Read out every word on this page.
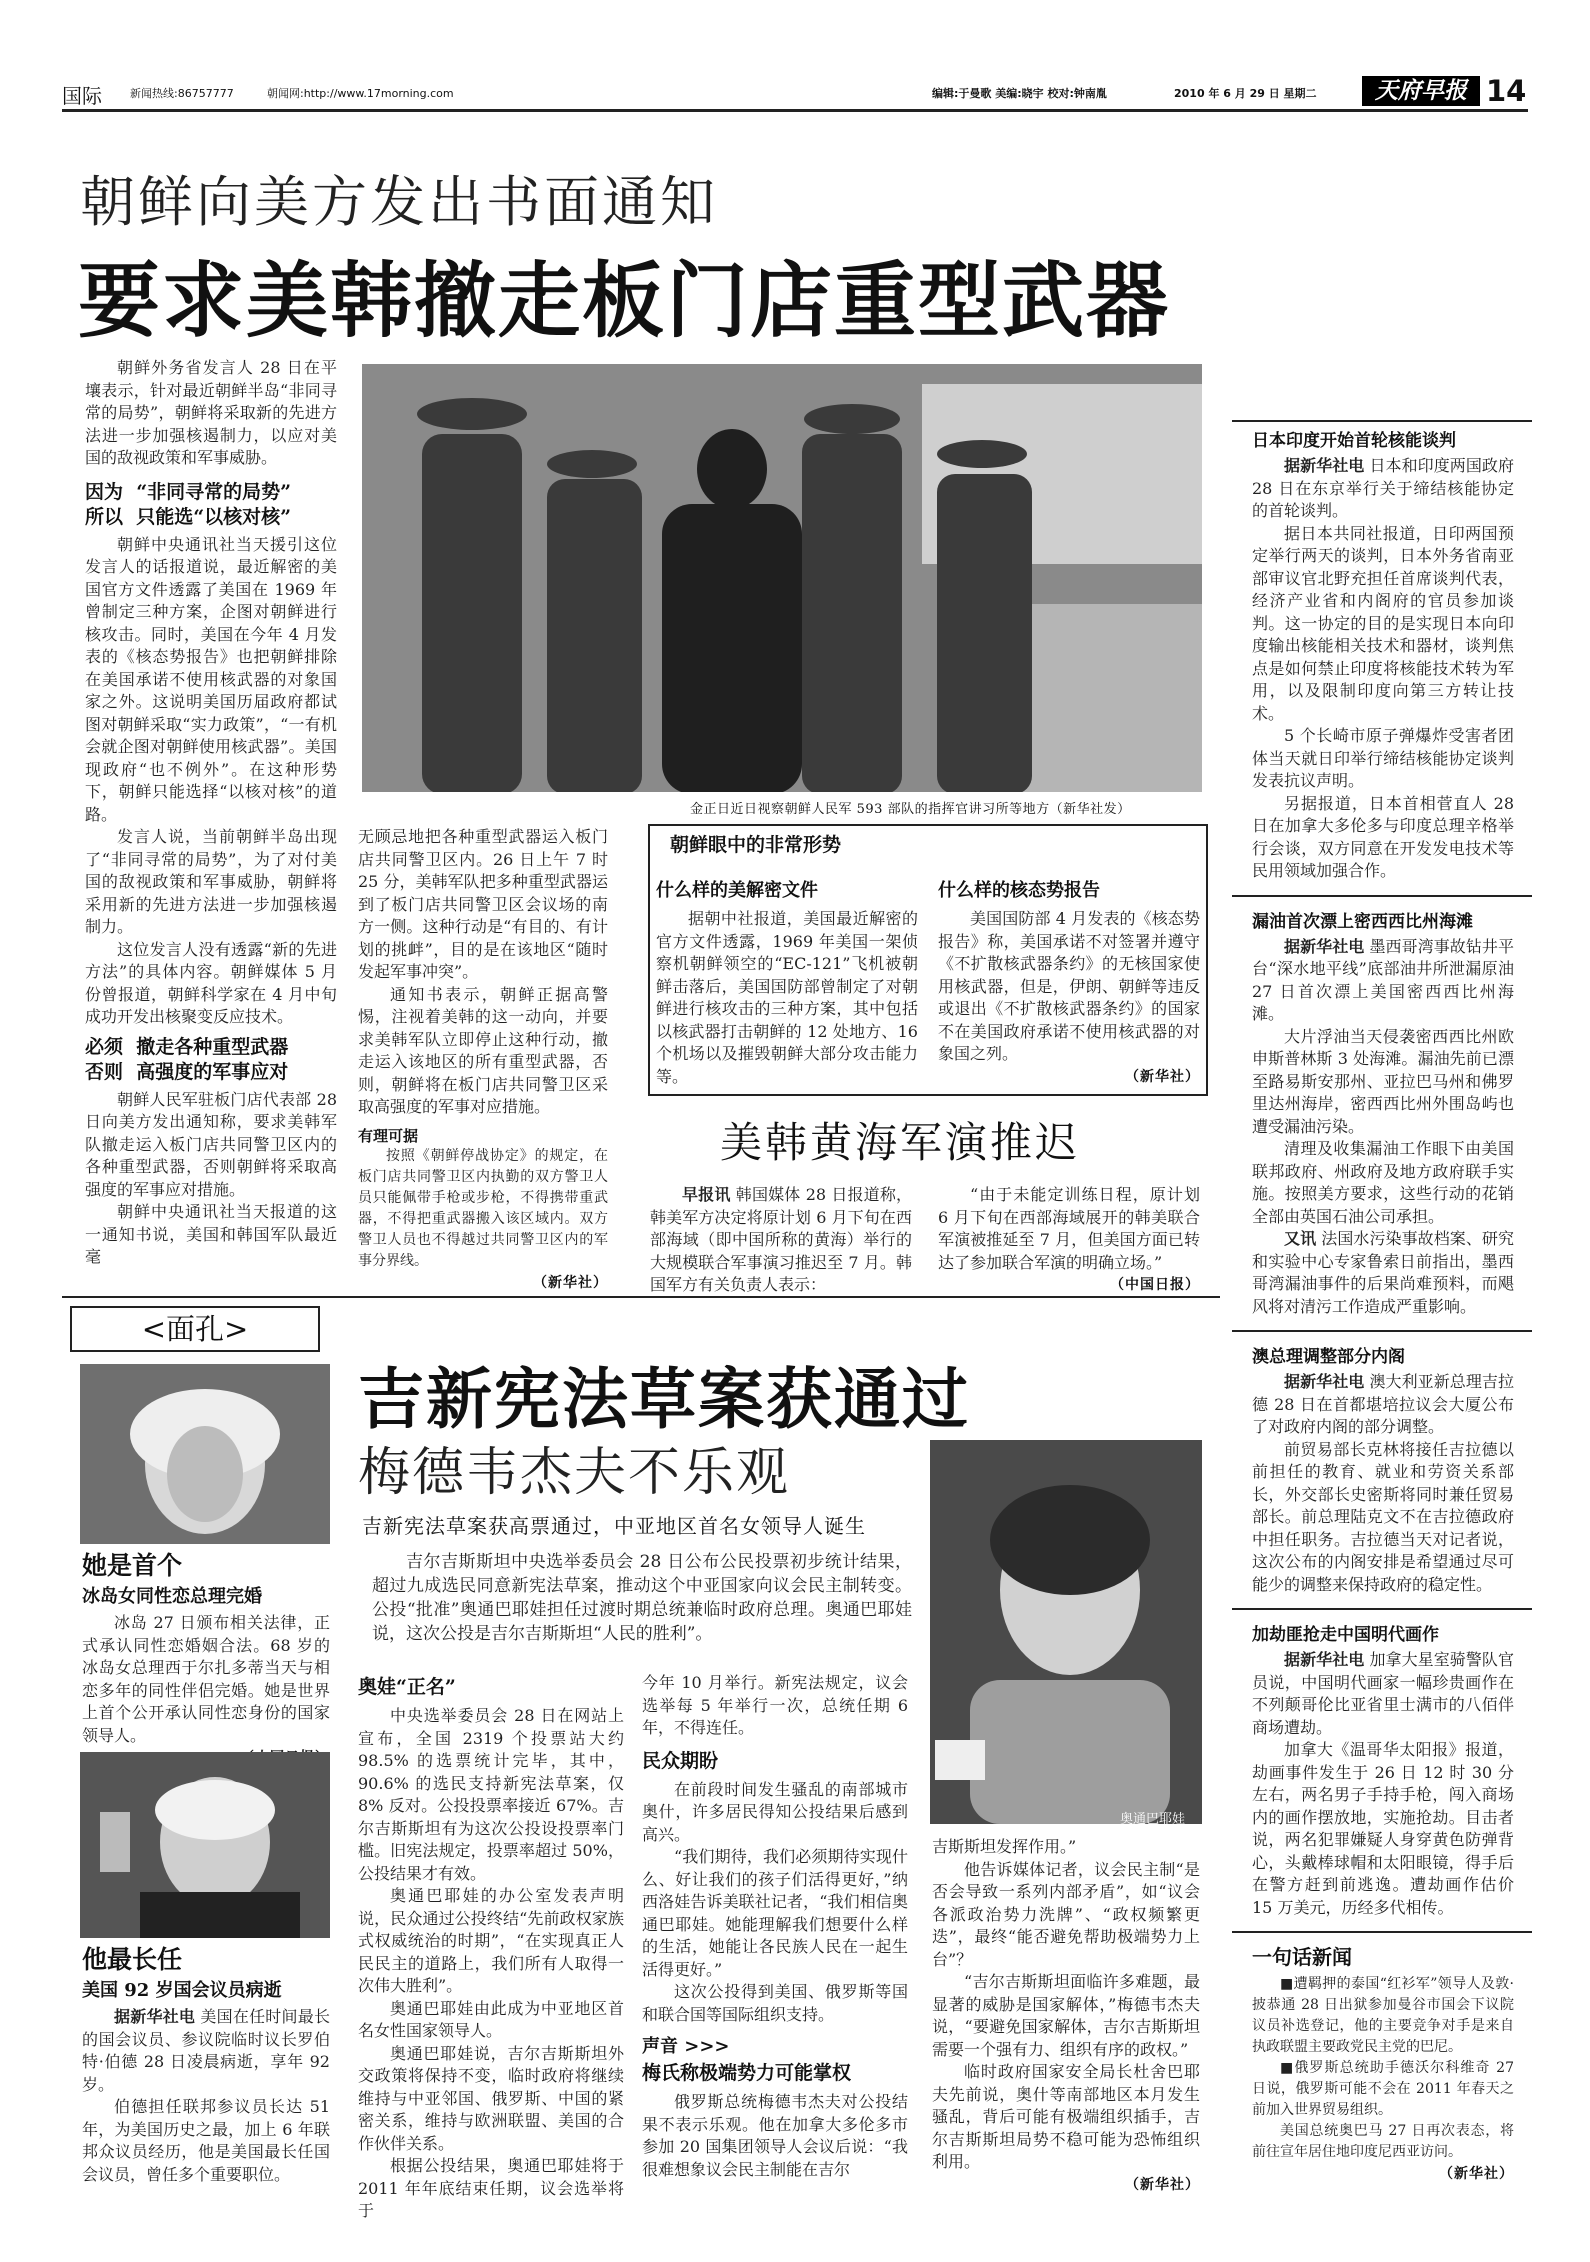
国际	新闻热线:86757777	朝闻网:http://www.17morning.com	编辑:于曼歌 美编:晓宇 校对:钟南胤	2010 年 6 月 29 日 星期二	天府早报 14
朝鲜向美方发出书面通知
要求美韩撤走板门店重型武器

朝鲜外务省发言人 28 日在平壤表示，针对最近朝鲜半岛“非同寻常的局势”，朝鲜将采取新的先进方法进一步加强核遏制力，以应对美国的敌视政策和军事威胁。

因为 “非同寻常的局势”
所以 只能选“以核对核”

朝鲜中央通讯社当天援引这位发言人的话报道说，最近解密的美国官方文件透露了美国在 1969 年曾制定三种方案，企图对朝鲜进行核攻击。同时，美国在今年 4 月发表的《核态势报告》也把朝鲜排除在美国承诺不使用核武器的对象国家之外。这说明美国历届政府都试图对朝鲜采取“实力政策”，“一有机会就企图对朝鲜使用核武器”。美国现政府“也不例外”。在这种形势下，朝鲜只能选择“以核对核”的道路。

发言人说，当前朝鲜半岛出现了“非同寻常的局势”，为了对付美国的敌视政策和军事威胁，朝鲜将采用新的先进方法进一步加强核遏制力。

这位发言人没有透露“新的先进方法”的具体内容。朝鲜媒体 5 月份曾报道，朝鲜科学家在 4 月中旬成功开发出核聚变反应技术。

必须 撤走各种重型武器
否则 高强度的军事应对

朝鲜人民军驻板门店代表部 28 日向美方发出通知称，要求美韩军队撤走运入板门店共同警卫区内的各种重型武器，否则朝鲜将采取高强度的军事应对措施。

朝鲜中央通讯社当天报道的这一通知书说，美国和韩国军队最近毫

金正日近日视察朝鲜人民军 593 部队的指挥官讲习所等地方（新华社发）

无顾忌地把各种重型武器运入板门店共同警卫区内。26 日上午 7 时 25 分，美韩军队把多种重型武器运到了板门店共同警卫区会议场的南方一侧。这种行动是“有目的、有计划的挑衅”，目的是在该地区“随时发起军事冲突”。

通知书表示，朝鲜正据高警惕，注视着美韩的这一动向，并要求美韩军队立即停止这种行动，撤走运入该地区的所有重型武器，否则，朝鲜将在板门店共同警卫区采取高强度的军事对应措施。

有理可据

按照《朝鲜停战协定》的规定，在板门店共同警卫区内执勤的双方警卫人员只能佩带手枪或步枪，不得携带重武器，不得把重武器搬入该区域内。双方警卫人员也不得越过共同警卫区内的军事分界线。

（新华社）
朝鲜眼中的非常形势
什么样的美解密文件

据朝中社报道，美国最近解密的官方文件透露，1969 年美国一架侦察机朝鲜领空的“EC-121”飞机被朝鲜击落后，美国国防部曾制定了对朝鲜进行核攻击的三种方案，其中包括以核武器打击朝鲜的 12 处地方、16 个机场以及摧毁朝鲜大部分攻击能力等。

什么样的核态势报告

美国国防部 4 月发表的《核态势报告》称，美国承诺不对签署并遵守《不扩散核武器条约》的无核国家使用核武器，但是，伊朗、朝鲜等违反或退出《不扩散核武器条约》的国家不在美国政府承诺不使用核武器的对象国之列。

（新华社）
美韩黄海军演推迟

早报讯 韩国媒体 28 日报道称，韩美军方决定将原计划 6 月下旬在西部海域（即中国所称的黄海）举行的大规模联合军事演习推迟至 7 月。韩国军方有关负责人表示：

“由于未能定训练日程，原计划 6 月下旬在西部海域展开的韩美联合军演被推延至 7 月，但美国方面已转达了参加联合军演的明确立场。”

（中国日报）
<面孔>
她是首个
冰岛女同性恋总理完婚

冰岛 27 日颁布相关法律，正式承认同性恋婚姻合法。68 岁的冰岛女总理西于尔扎多蒂当天与相恋多年的同性伴侣完婚。她是世界上首个公开承认同性恋身份的国家领导人。

他最长任
美国 92 岁国会议员病逝

据新华社电 美国在任时间最长的国会议员、参议院临时议长罗伯特·伯德 28 日凌晨病逝，享年 92 岁。

伯德担任联邦参议员长达 51 年，为美国历史之最，加上 6 年联邦众议员经历，他是美国最长任国会议员，曾任多个重要职位。

吉新宪法草案获通过
梅德韦杰夫不乐观
吉新宪法草案获高票通过，中亚地区首名女领导人诞生

吉尔吉斯斯坦中央选举委员会 28 日公布公民投票初步统计结果，超过九成选民同意新宪法草案，推动这个中亚国家向议会民主制转变。公投“批准”奥通巴耶娃担任过渡时期总统兼临时政府总理。奥通巴耶娃说，这次公投是吉尔吉斯斯坦“人民的胜利”。

奥通巴耶娃
奥娃“正名”

中央选举委员会 28 日在网站上宣布，全国 2319 个投票站大约 98.5% 的选票统计完毕，其中，90.6% 的选民支持新宪法草案，仅 8% 反对。公投投票率接近 67%。吉尔吉斯斯坦有为这次公投设投票率门槛。旧宪法规定，投票率超过 50%，公投结果才有效。

奥通巴耶娃的办公室发表声明说，民众通过公投终结“先前政权家族式权威统治的时期”，“在实现真正人民民主的道路上，我们所有人取得一次伟大胜利”。

奥通巴耶娃由此成为中亚地区首名女性国家领导人。

奥通巴耶娃说，吉尔吉斯斯坦外交政策将保持不变，临时政府将继续维持与中亚邻国、俄罗斯、中国的紧密关系，维持与欧洲联盟、美国的合作伙伴关系。

根据公投结果，奥通巴耶娃将于 2011 年年底结束任期，议会选举将于

今年 10 月举行。新宪法规定，议会选举每 5 年举行一次，总统任期 6 年，不得连任。

民众期盼

在前段时间发生骚乱的南部城市奥什，许多居民得知公投结果后感到高兴。

“我们期待，我们必须期待实现什么、好让我们的孩子们活得更好，”纳西洛娃告诉美联社记者，“我们相信奥通巴耶娃。她能理解我们想要什么样的生活，她能让各民族人民在一起生活得更好。”

这次公投得到美国、俄罗斯等国和联合国等国际组织支持。

声音 >>>
梅氏称极端势力可能掌权

俄罗斯总统梅德韦杰夫对公投结果不表示乐观。他在加拿大多伦多市参加 20 国集团领导人会议后说：“我很难想象议会民主制能在吉尔

吉斯斯坦发挥作用。”

他告诉媒体记者，议会民主制“是否会导致一系列内部矛盾”，如“议会各派政治势力洗牌”、“政权频繁更迭”，最终“能否避免帮助极端势力上台”？

“吉尔吉斯斯坦面临许多难题，最显著的威胁是国家解体，”梅德韦杰夫说，“要避免国家解体，吉尔吉斯斯坦需要一个强有力、组织有序的政权。”

临时政府国家安全局长杜舍巴耶夫先前说，奥什等南部地区本月发生骚乱，背后可能有极端组织插手，吉尔吉斯斯坦局势不稳可能为恐怖组织利用。

（新华社）
日本印度开始首轮核能谈判

据新华社电 日本和印度两国政府 28 日在东京举行关于缔结核能协定的首轮谈判。

据日本共同社报道，日印两国预定举行两天的谈判，日本外务省南亚部审议官北野充担任首席谈判代表，经济产业省和内阁府的官员参加谈判。这一协定的目的是实现日本向印度输出核能相关技术和器材，谈判焦点是如何禁止印度将核能技术转为军用，以及限制印度向第三方转让技术。

5 个长崎市原子弹爆炸受害者团体当天就日印举行缔结核能协定谈判发表抗议声明。

另据报道，日本首相菅直人 28 日在加拿大多伦多与印度总理辛格举行会谈，双方同意在开发发电技术等民用领域加强合作。

漏油首次漂上密西西比州海滩

据新华社电 墨西哥湾事故钻井平台“深水地平线”底部油井所泄漏原油 27 日首次漂上美国密西西比州海滩。

大片浮油当天侵袭密西西比州欧申斯普林斯 3 处海滩。漏油先前已漂至路易斯安那州、亚拉巴马州和佛罗里达州海岸，密西西比州外围岛屿也遭受漏油污染。

清理及收集漏油工作眼下由美国联邦政府、州政府及地方政府联手实施。按照美方要求，这些行动的花销全部由英国石油公司承担。

又讯 法国水污染事故档案、研究和实验中心专家鲁索日前指出，墨西哥湾漏油事件的后果尚难预料，而飓风将对清污工作造成严重影响。

澳总理调整部分内阁

据新华社电 澳大利亚新总理吉拉德 28 日在首都堪培拉议会大厦公布了对政府内阁的部分调整。

前贸易部长克林将接任吉拉德以前担任的教育、就业和劳资关系部长，外交部长史密斯将同时兼任贸易部长。前总理陆克文不在吉拉德政府中担任职务。吉拉德当天对记者说，这次公布的内阁安排是希望通过尽可能少的调整来保持政府的稳定性。

加劫匪抢走中国明代画作

据新华社电 加拿大星室骑警队官员说，中国明代画家一幅珍贵画作在不列颠哥伦比亚省里士满市的八佰伴商场遭劫。

加拿大《温哥华太阳报》报道，劫画事件发生于 26 日 12 时 30 分左右，两名男子手持手枪，闯入商场内的画作摆放地，实施抢劫。目击者说，两名犯罪嫌疑人身穿黄色防弹背心，头戴棒球帽和太阳眼镜，得手后在警方赶到前逃逸。遭劫画作估价 15 万美元，历经多代相传。

一句话新闻

■遭羁押的泰国“红衫军”领导人及敦·披恭通 28 日出狱参加曼谷市国会下议院议员补选登记，他的主要竞争对手是来自执政联盟主要政党民主党的巴尼。

■俄罗斯总统助手德沃尔科维奇 27 日说，俄罗斯可能不会在 2011 年春天之前加入世界贸易组织。

美国总统奥巴马 27 日再次表态，将前往宣年居住地印度尼西亚访问。

（新华社）
